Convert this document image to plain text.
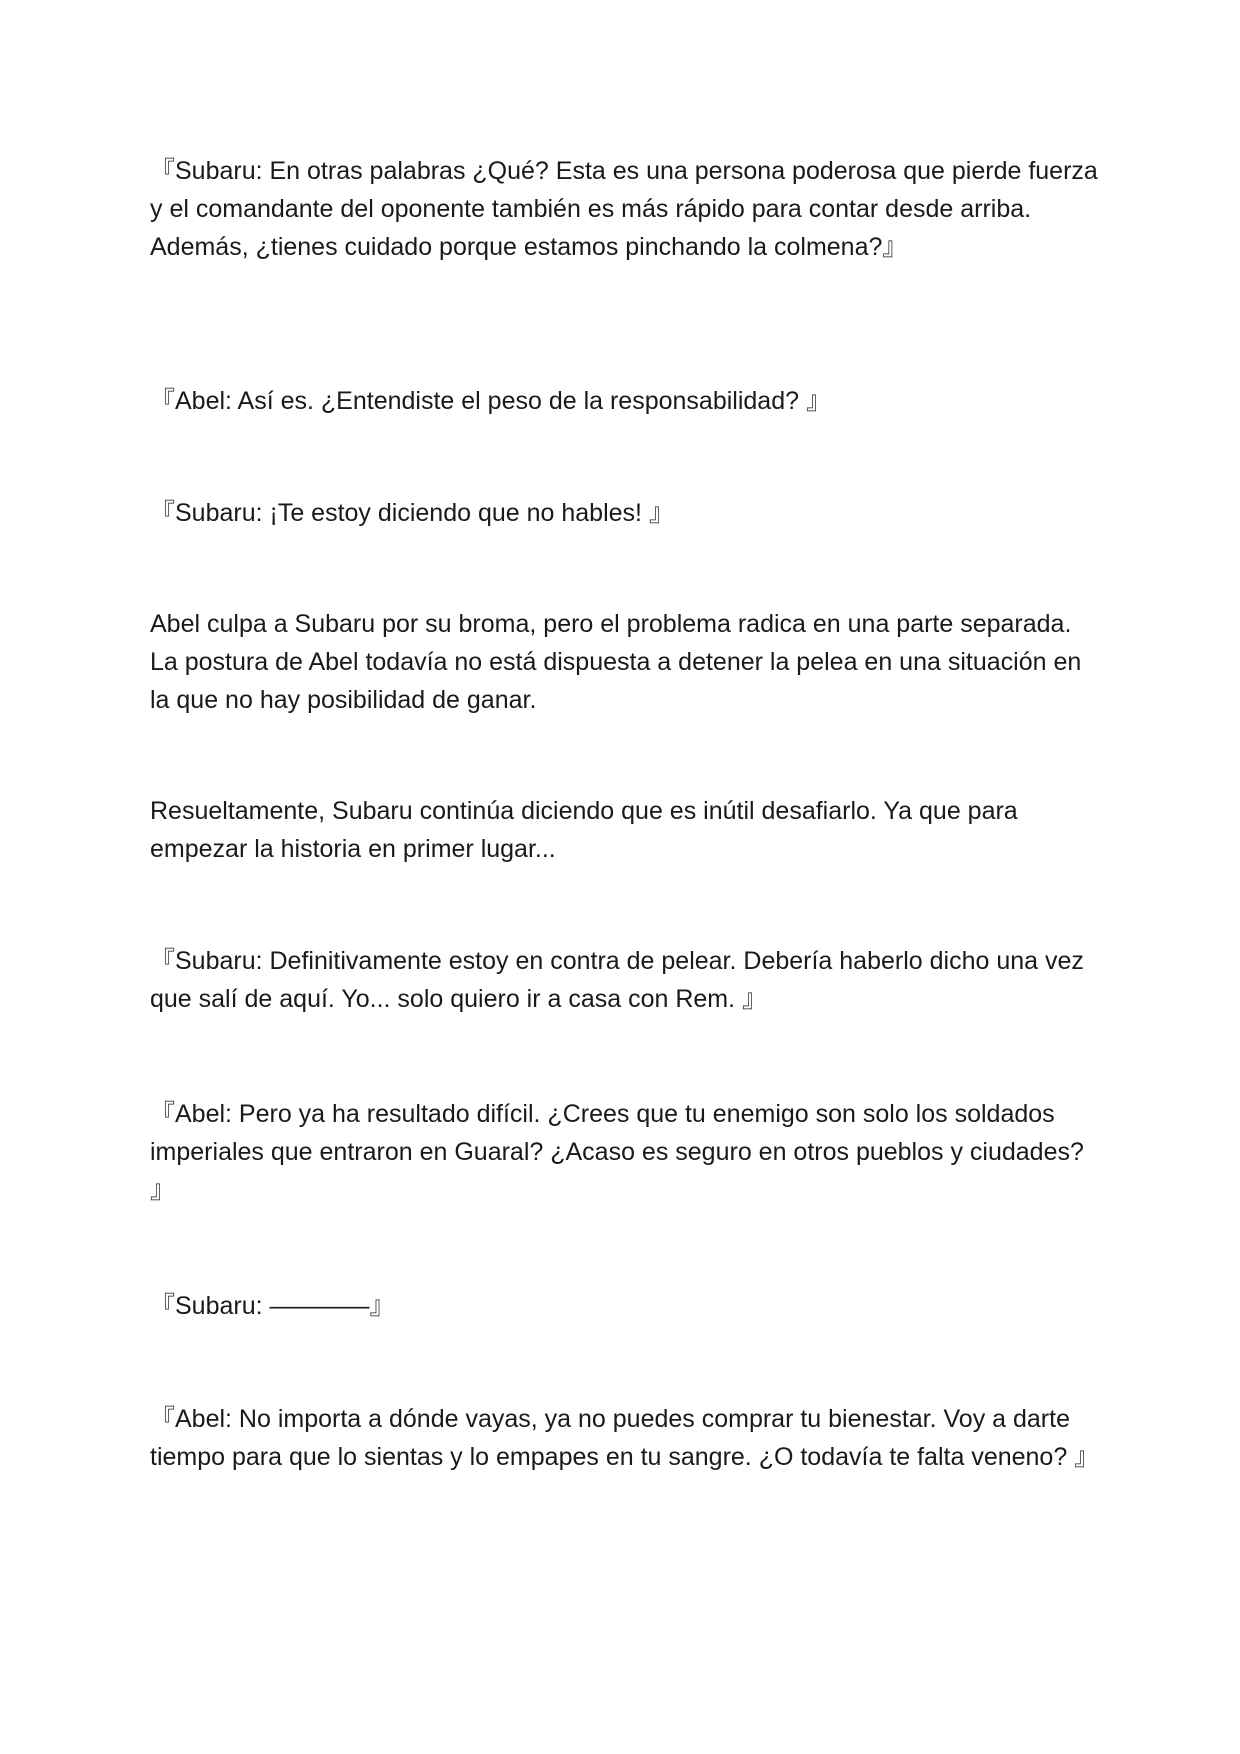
『Subaru: En otras palabras ¿Qué? Esta es una persona poderosa que pierde fuerza y el comandante del oponente también es más rápido para contar desde arriba. Además, ¿tienes cuidado porque estamos pinchando la colmena?』

『Abel: Así es. ¿Entendiste el peso de la responsabilidad? 』

『Subaru: ¡Te estoy diciendo que no hables! 』

Abel culpa a Subaru por su broma, pero el problema radica en una parte separada. La postura de Abel todavía no está dispuesta a detener la pelea en una situación en la que no hay posibilidad de ganar.

Resueltamente, Subaru continúa diciendo que es inútil desafiarlo. Ya que para empezar la historia en primer lugar...

『Subaru: Definitivamente estoy en contra de pelear. Debería haberlo dicho una vez que salí de aquí. Yo... solo quiero ir a casa con Rem. 』

『Abel: Pero ya ha resultado difícil. ¿Crees que tu enemigo son solo los soldados imperiales que entraron en Guaral? ¿Acaso es seguro en otros pueblos y ciudades? 』

『Subaru: ————』

『Abel: No importa a dónde vayas, ya no puedes comprar tu bienestar. Voy a darte tiempo para que lo sientas y lo empapes en tu sangre. ¿O todavía te falta veneno? 』
